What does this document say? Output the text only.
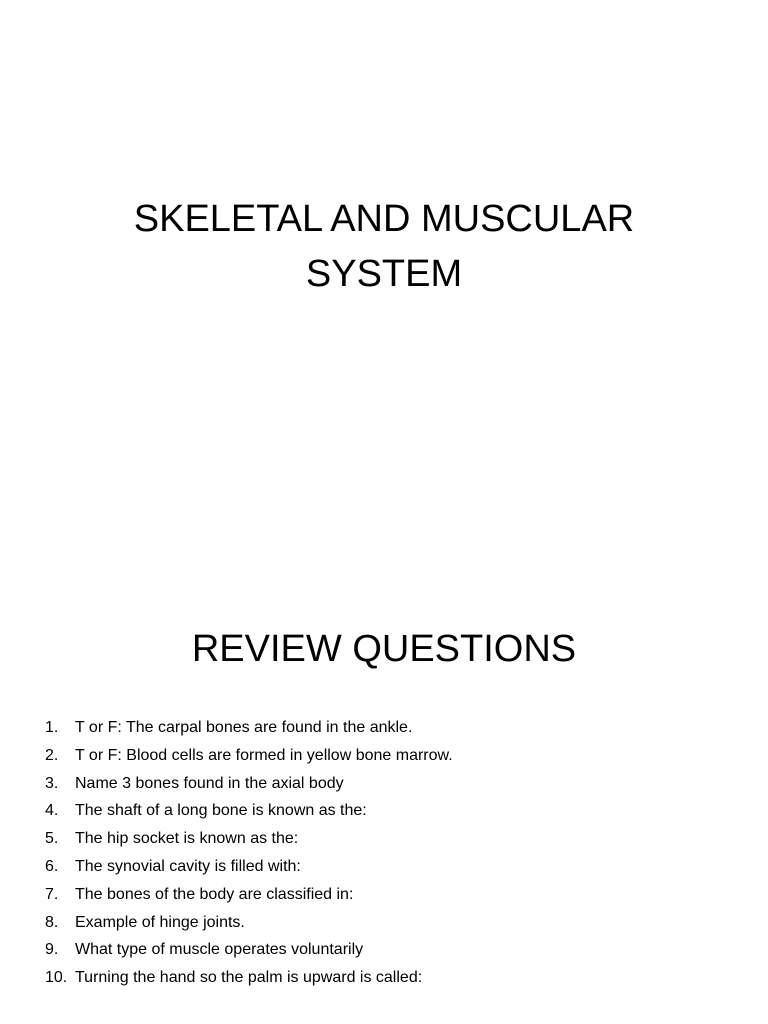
SKELETAL AND MUSCULAR
SYSTEM
REVIEW QUESTIONS
1.	T or F: The carpal bones are found in the ankle.
2.	T or F: Blood cells are formed in yellow bone marrow.
3.	Name 3 bones found in the axial body
4.	The shaft of a long bone is known as the:
5.	The hip socket is known as the:
6.	The synovial cavity is filled with:
7.	The bones of the body are classified in:
8.	Example of hinge joints.
9.	What type of muscle operates voluntarily
10. Turning the hand so the palm is upward is called:
